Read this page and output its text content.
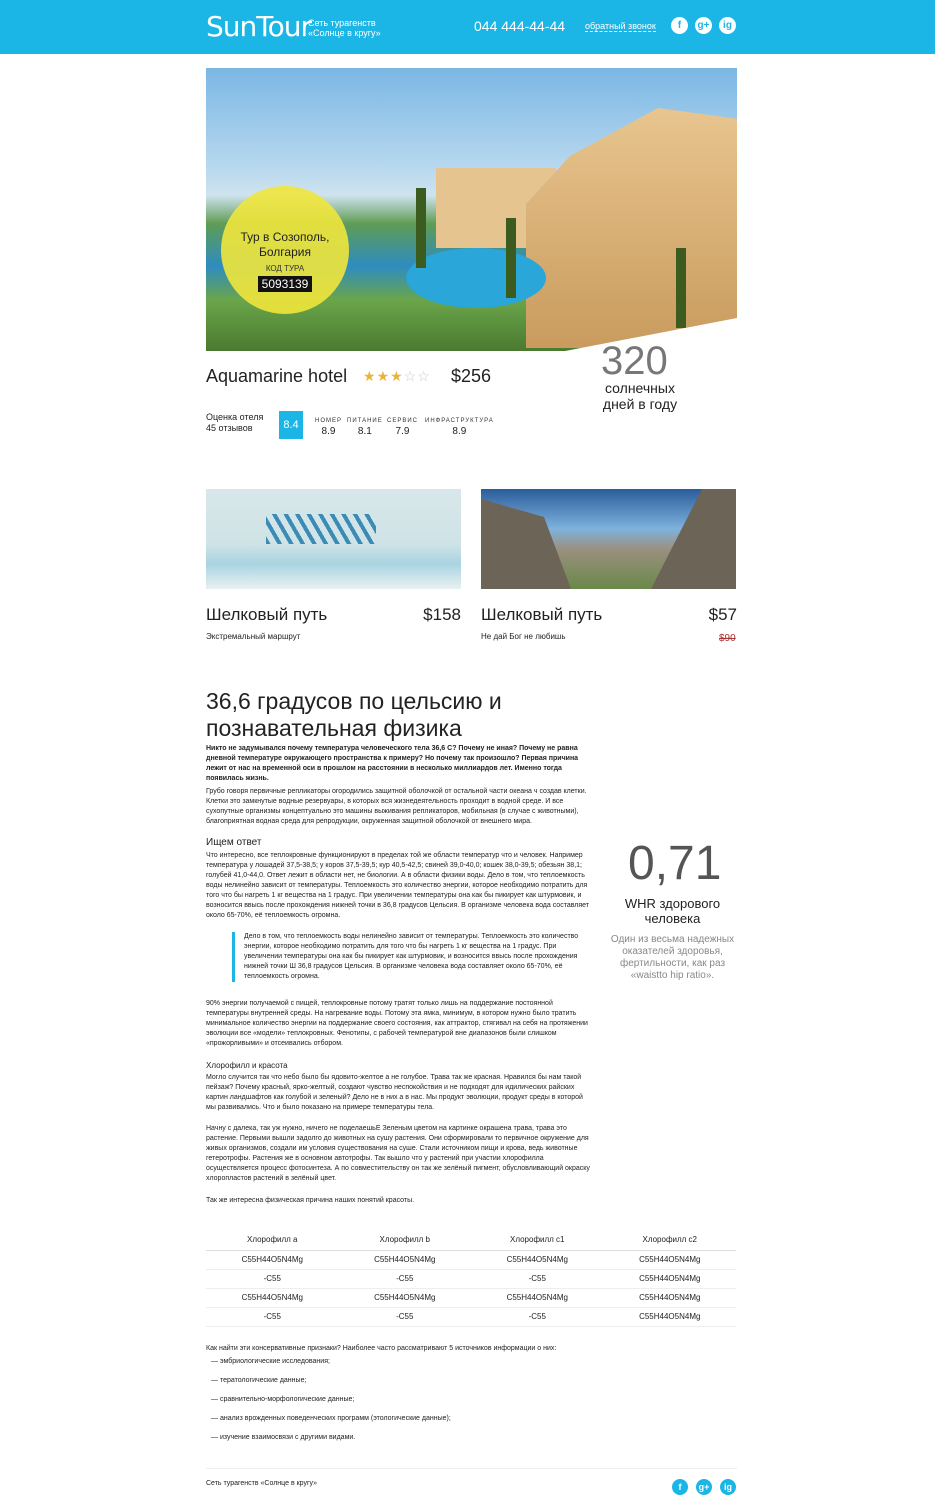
SunTour
Сеть турагенств «Солнце в кругу»	044 444-44-44 обратный звонок	f	g+	ig
Тур в Созополь, Болгария
КОД ТУРА
5093139
Aquamarine hotel ★★★☆☆ $256	320
солнечных дней в году
Оценка отеля
45 отзывов	8.4	НОМЕР
8.9
ПИТАНИЕ
8.1
СЕРВИС
7.9
ИНФРАСТРУКТУРА
8.9
Шелковый путь	$158
Экстремальный маршрут
Шелковый путь	$57
Не дай Бог не любишь	$90
36,6 градусов по цельсию и познавательная физика
Никто не задумывался почему температура человеческого тела 36,6 С? Почему не иная? Почему не равна дневной температуре окружающего пространства к примеру? Но почему так произошло? Первая причина лежит от нас на временной оси в прошлом на расстоянии в несколько миллиардов лет. Именно тогда появилась жизнь.
Грубо говоря первичные репликаторы огородились защитной оболочкой от остальной части океана ч создав клетки. Клетки это замкнутые водные резервуары, в которых вся жизнедеятельность проходит в водной среде. И все сухопутные организмы концептуально это машины выживания репликаторов, мобильная (в случае с животными), благоприятная водная среда для репродукции, окруженная защитной оболочкой от внешнего мира.
Ищем ответ
Что интересно, все теплокровные функционируют в пределах той же области температур что и человек. Например температура у лошадей 37,5-38,5; у коров 37,5-39,5; кур 40,5-42,5; свиней 39,0-40,0; кошек 38,0-39,5; обезьян 38,1; голубей 41,0-44,0. Ответ лежит в области нет, не биологии. А в области физики воды. Дело в том, что теплоемкость воды нелинейно зависит от температуры. Теплоемкость это количество энергии, которое необходимо потратить для того что бы нагреть 1 кг вещества на 1 градус. При увеличении температуры она как бы пикирует как штурмовик, и возносится ввысь после прохождения нижней точки в 36,8 градусов Цельсия. В организме человека вода составляет около 65-70%, её теплоемкость огромна.
Дело в том, что теплоемкость воды нелинейно зависит от температуры. Теплоемкость это количество энергии, которое необходимо потратить для того что бы нагреть 1 кг вещества на 1 градус. При увеличении температуры она как бы пикирует как штурмовик, и возносится ввысь после прохождения нижней точки Ш 36,8 градусов Цельсия. В организме человека вода составляет около 65-70%, её теплоемкость огромна.
90% энергии получаемой с пищей, теплокровные потому тратят только лишь на поддержание постоянной температуры внутренней среды. На нагревание воды. Потому эта ямка, минимум, в котором нужно было тратить минимальное количество энергии на поддержание своего состояния, как аттрактор, стягивал на себя на протяжении эволюции все «модели» теплокровных. Фенотипы, с рабочей температурой вне диапазонов были слишком «прожорливыми» и отсеивались отбором.
Хлорофилл и красота
Могло случится так что небо было бы ядовито-желтое а не голубое. Трава так же красная. Нравился бы нам такой пейзаж? Почему красный, ярко-желтый, создают чувство неспокойствия и не подходят для идилических райских картин ландшафтов как голубой и зеленый? Дело не в них а в нас. Мы продукт эволюции, продукт среды в которой мы развивались. Что и было показано на примере температуры тела.
Начну с далека, так уж нужно, ничего не поделаешьЕ Зеленым цветом на картинке окрашена трава, трава это растение. Первыми вышли задолго до животных на сушу растения. Они сформировали то первичное окружение для живых организмов, создали им условия существования на суше. Стали источником пищи и крова, ведь животные гетеротрофы. Растения же в основном автотрофы. Так вышло что у растений при участии хлорофилла осуществляется процесс фотосинтеза. А по совместительству он так же зелёный пигмент, обусловливающий окраску хлоропластов растений в зелёный цвет.
Так же интересна физическая причина наших понятий красоты.
0,71
WHR здорового человека
Один из весьма надежных оказателей здоровья, фертильности, как раз «waistto hip ratio».
Хлорофилл a	Хлорофилл b	Хлорофилл c1	Хлорофилл c2
C55H44O5N4Mg	C55H44O5N4Mg	C55H44O5N4Mg	C55H44O5N4Mg
-C55	-C55	-C55	C55H44O5N4Mg
C55H44O5N4Mg	C55H44O5N4Mg	C55H44O5N4Mg	C55H44O5N4Mg
-C55	-C55	-C55	C55H44O5N4Mg
Как найти эти консервативные признаки? Наиболее часто рассматривают 5 источников информации о них:
— эмбриологические исследования;
— тератологические данные;
— сравнительно-морфологические данные;
— анализ врожденных поведенческих программ (этологические данные);
— изучение взаимосвязи с другими видами.
Сеть турагенств «Солнце в кругу»	f	g+	ig
